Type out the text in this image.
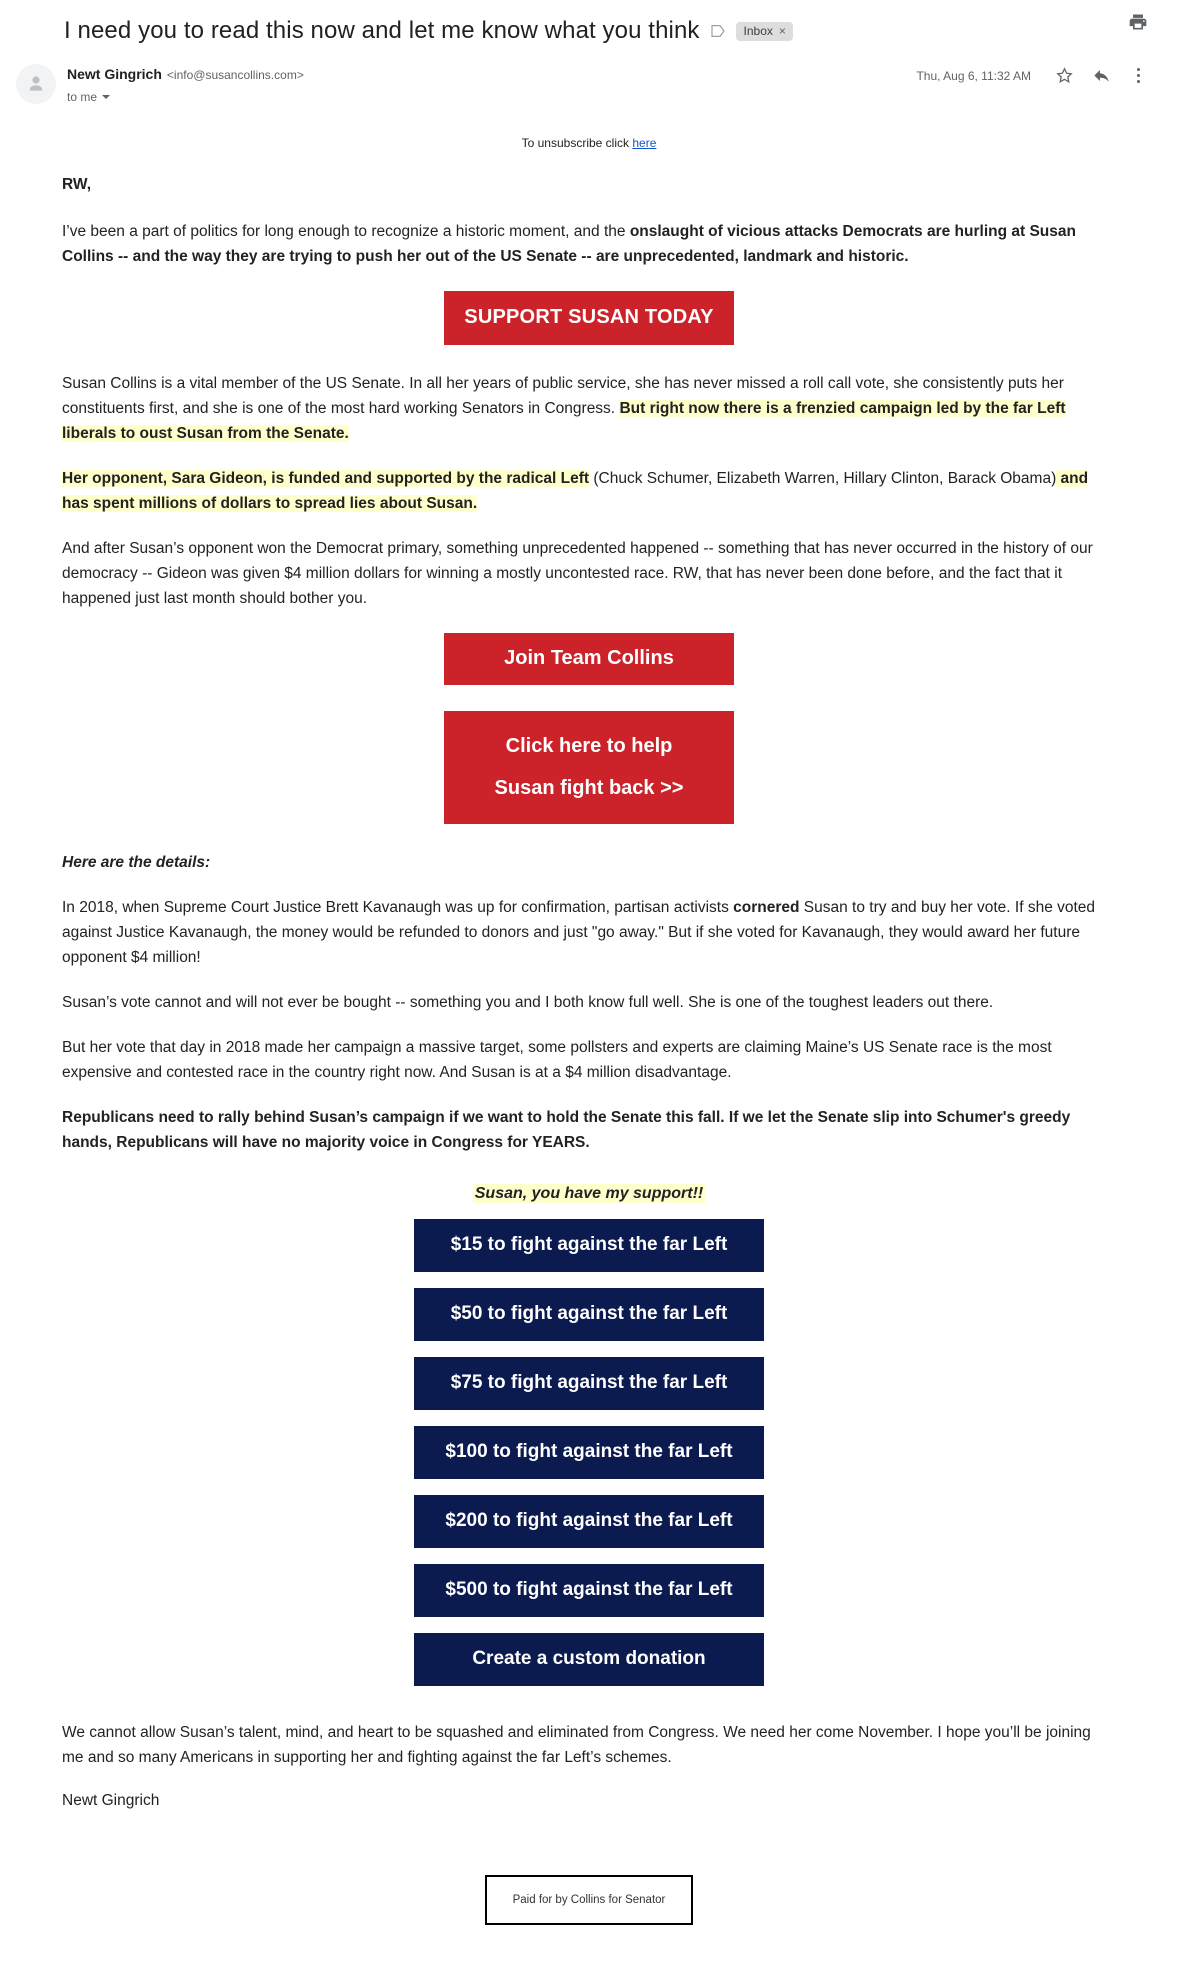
I need you to read this now and let me know what you think	Inbox ×
Newt Gingrich <info@susancollins.com>
to me
Thu, Aug 6, 11:32 AM
To unsubscribe click here

RW,

I’ve been a part of politics for long enough to recognize a historic moment, and the onslaught of vicious attacks Democrats are hurling at Susan Collins -- and the way they are trying to push her out of the US Senate -- are unprecedented, landmark and historic.

SUPPORT SUSAN TODAY

Susan Collins is a vital member of the US Senate. In all her years of public service, she has never missed a roll call vote, she consistently puts her constituents first, and she is one of the most hard working Senators in Congress. But right now there is a frenzied campaign led by the far Left liberals to oust Susan from the Senate.

Her opponent, Sara Gideon, is funded and supported by the radical Left (Chuck Schumer, Elizabeth Warren, Hillary Clinton, Barack Obama) and has spent millions of dollars to spread lies about Susan.

And after Susan’s opponent won the Democrat primary, something unprecedented happened -- something that has never occurred in the history of our democracy -- Gideon was given $4 million dollars for winning a mostly uncontested race. RW, that has never been done before, and the fact that it happened just last month should bother you.

Join Team Collins
Click here to help
Susan fight back >>

Here are the details:

In 2018, when Supreme Court Justice Brett Kavanaugh was up for confirmation, partisan activists cornered Susan to try and buy her vote. If she voted against Justice Kavanaugh, the money would be refunded to donors and just "go away." But if she voted for Kavanaugh, they would award her future opponent $4 million!

Susan’s vote cannot and will not ever be bought -- something you and I both know full well. She is one of the toughest leaders out there.

But her vote that day in 2018 made her campaign a massive target, some pollsters and experts are claiming Maine’s US Senate race is the most expensive and contested race in the country right now. And Susan is at a $4 million disadvantage.

Republicans need to rally behind Susan’s campaign if we want to hold the Senate this fall. If we let the Senate slip into Schumer's greedy hands, Republicans will have no majority voice in Congress for YEARS.

Susan, you have my support!!
$15 to fight against the far Left
$50 to fight against the far Left
$75 to fight against the far Left
$100 to fight against the far Left
$200 to fight against the far Left
$500 to fight against the far Left
Create a custom donation

We cannot allow Susan’s talent, mind, and heart to be squashed and eliminated from Congress. We need her come November. I hope you’ll be joining me and so many Americans in supporting her and fighting against the far Left’s schemes.

Newt Gingrich

Paid for by Collins for Senator
